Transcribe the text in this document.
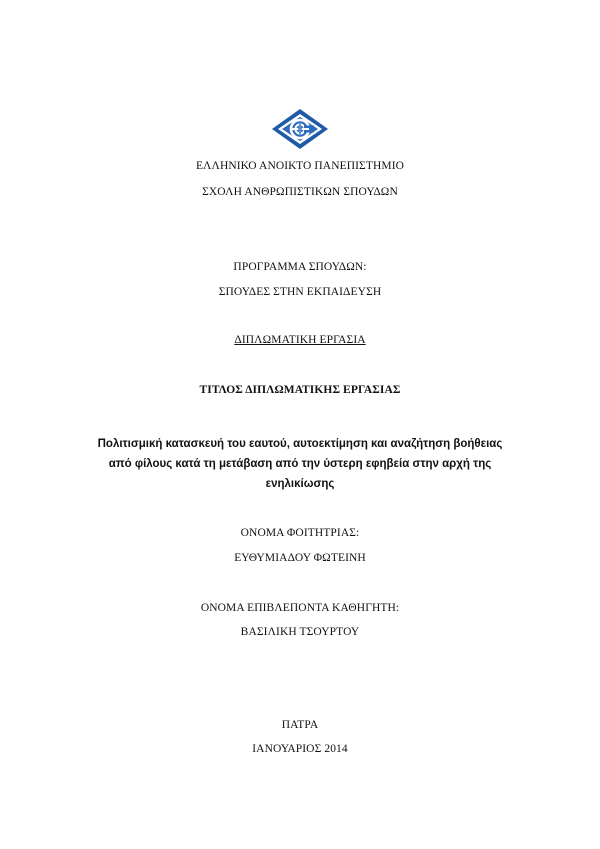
ΕΛΛΗΝΙΚΟ ΑΝΟΙΚΤΟ ΠΑΝΕΠΙΣΤΗΜΙΟ
ΣΧΟΛΗ ΑΝΘΡΩΠΙΣΤΙΚΩΝ ΣΠΟΥΔΩΝ
ΠΡΟΓΡΑΜΜΑ ΣΠΟΥΔΩΝ:
ΣΠΟΥΔΕΣ ΣΤΗΝ ΕΚΠΑΙΔΕΥΣΗ
ΔΙΠΛΩΜΑΤΙΚΗ ΕΡΓΑΣΙΑ
ΤΙΤΛΟΣ ΔΙΠΛΩΜΑΤΙΚΗΣ ΕΡΓΑΣΙΑΣ
Πολιτισμική κατασκευή του εαυτού, αυτοεκτίμηση και αναζήτηση βοήθειας
από φίλους κατά τη μετάβαση από την ύστερη εφηβεία στην αρχή της
ενηλικίωσης
ΟΝΟΜΑ ΦΟΙΤΗΤΡΙΑΣ:
ΕΥΘΥΜΙΑΔΟΥ ΦΩΤΕΙΝΗ
ΟΝΟΜΑ ΕΠΙΒΛΕΠΟΝΤΑ ΚΑΘΗΓΗΤΗ:
ΒΑΣΙΛΙΚΗ ΤΣΟΥΡΤΟΥ
ΠΑΤΡΑ
ΙΑΝΟΥΑΡΙΟΣ 2014
